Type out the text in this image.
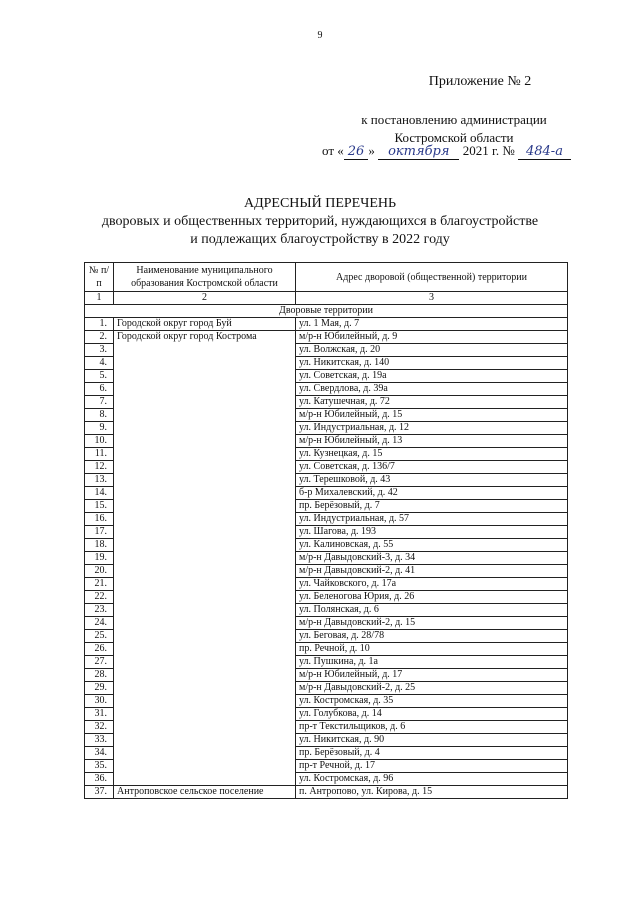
9
Приложение № 2
к постановлению администрации
Костромской области
от « 26 » октября 2021 г. № 484-а
АДРЕСНЫЙ ПЕРЕЧЕНЬ
дворовых и общественных территорий, нуждающихся в благоустройстве
и подлежащих благоустройству в 2022 году
№ п/п	Наименование муниципального образования Костромской области	Адрес дворовой (общественной) территории
1	2	3
Дворовые территории		
1.	Городской округ город Буй	ул. 1 Мая, д. 7
2.	Городской округ город Кострома	м/р-н Юбилейный, д. 9
3.		ул. Волжская, д. 20
4.		ул. Никитская, д. 140
5.		ул. Советская, д. 19а
6.		ул. Свердлова, д. 39а
7.		ул. Катушечная, д. 72
8.		м/р-н Юбилейный, д. 15
9.		ул. Индустриальная, д. 12
10.		м/р-н Юбилейный, д. 13
11.		ул. Кузнецкая, д. 15
12.		ул. Советская, д. 136/7
13.		ул. Терешковой, д. 43
14.		б-р Михалевский, д. 42
15.		пр. Берёзовый, д. 7
16.		ул. Индустриальная, д. 57
17.		ул. Шагова, д. 193
18.		ул. Калиновская, д. 55
19.		м/р-н Давыдовский-3, д. 34
20.		м/р-н Давыдовский-2, д. 41
21.		ул. Чайковского, д. 17а
22.		ул. Беленогова Юрия, д. 26
23.		ул. Полянская, д. 6
24.		м/р-н Давыдовский-2, д. 15
25.		ул. Беговая, д. 28/78
26.		пр. Речной, д. 10
27.		ул. Пушкина, д. 1а
28.		м/р-н Юбилейный, д. 17
29.		м/р-н Давыдовский-2, д. 25
30.		ул. Костромская, д. 35
31.		ул. Голубкова, д. 14
32.		пр-т Текстильщиков, д. 6
33.		ул. Никитская, д. 90
34.		пр. Берёзовый, д. 4
35.		пр-т Речной, д. 17
36.		ул. Костромская, д. 96
37.	Антроповское сельское поселение	п. Антропово, ул. Кирова, д. 15
